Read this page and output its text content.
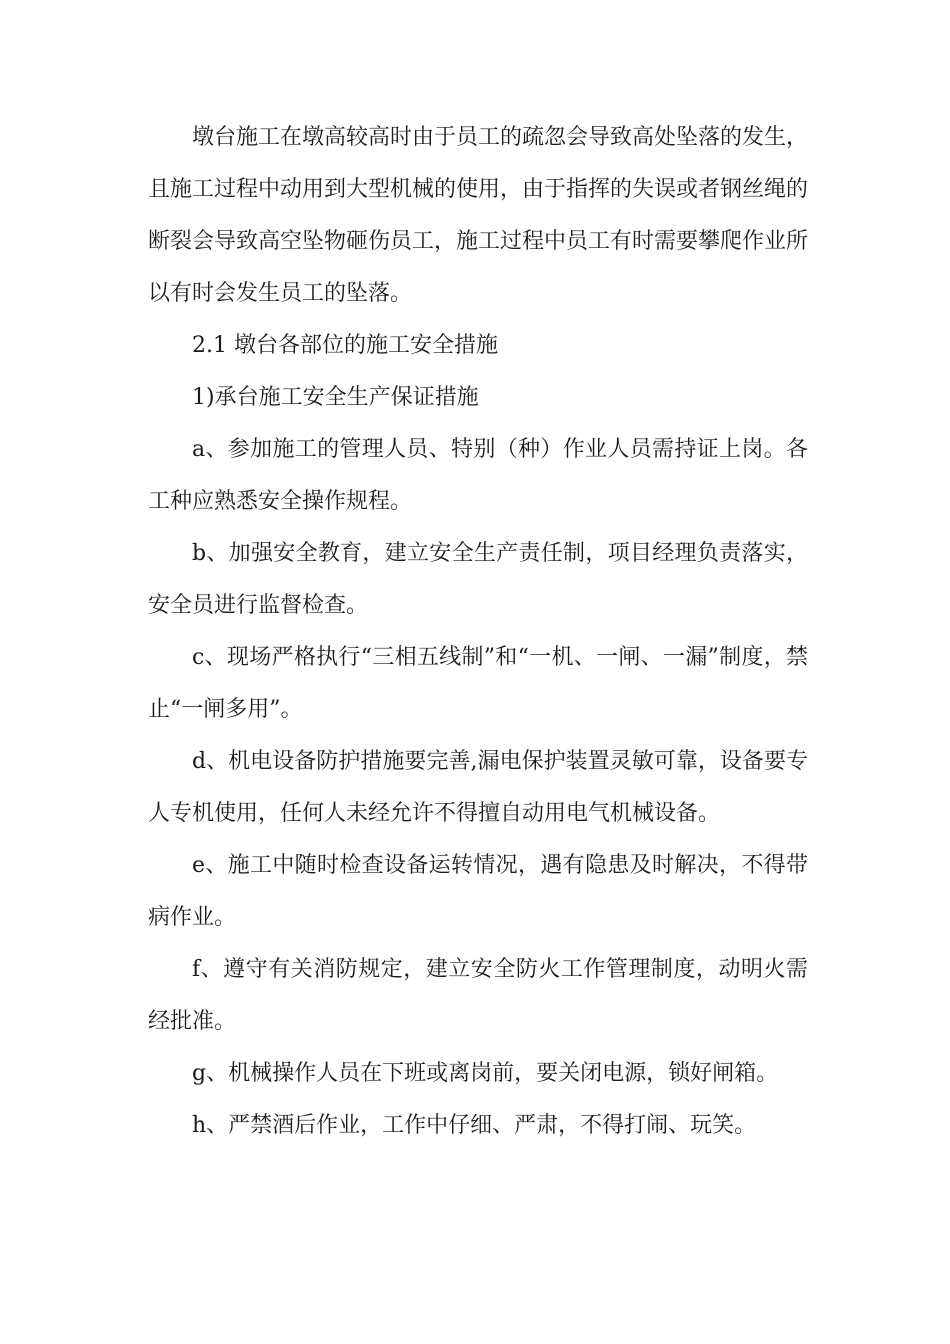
墩台施工在墩高较高时由于员工的疏忽会导致高处坠落的发生，且施工过程中动用到大型机械的使用，由于指挥的失误或者钢丝绳的断裂会导致高空坠物砸伤员工，施工过程中员工有时需要攀爬作业所以有时会发生员工的坠落。

2.1 墩台各部位的施工安全措施

1)承台施工安全生产保证措施

a、参加施工的管理人员、特别（种）作业人员需持证上岗。各工种应熟悉安全操作规程。

b、加强安全教育，建立安全生产责任制，项目经理负责落实，安全员进行监督检查。

c、现场严格执行“三相五线制”和“一机、一闸、一漏”制度，禁止“一闸多用”。

d、机电设备防护措施要完善,漏电保护装置灵敏可靠，设备要专人专机使用，任何人未经允许不得擅自动用电气机械设备。

e、施工中随时检查设备运转情况，遇有隐患及时解决，不得带病作业。

f、遵守有关消防规定，建立安全防火工作管理制度，动明火需经批准。

g、机械操作人员在下班或离岗前，要关闭电源，锁好闸箱。

h、严禁酒后作业，工作中仔细、严肃，不得打闹、玩笑。
